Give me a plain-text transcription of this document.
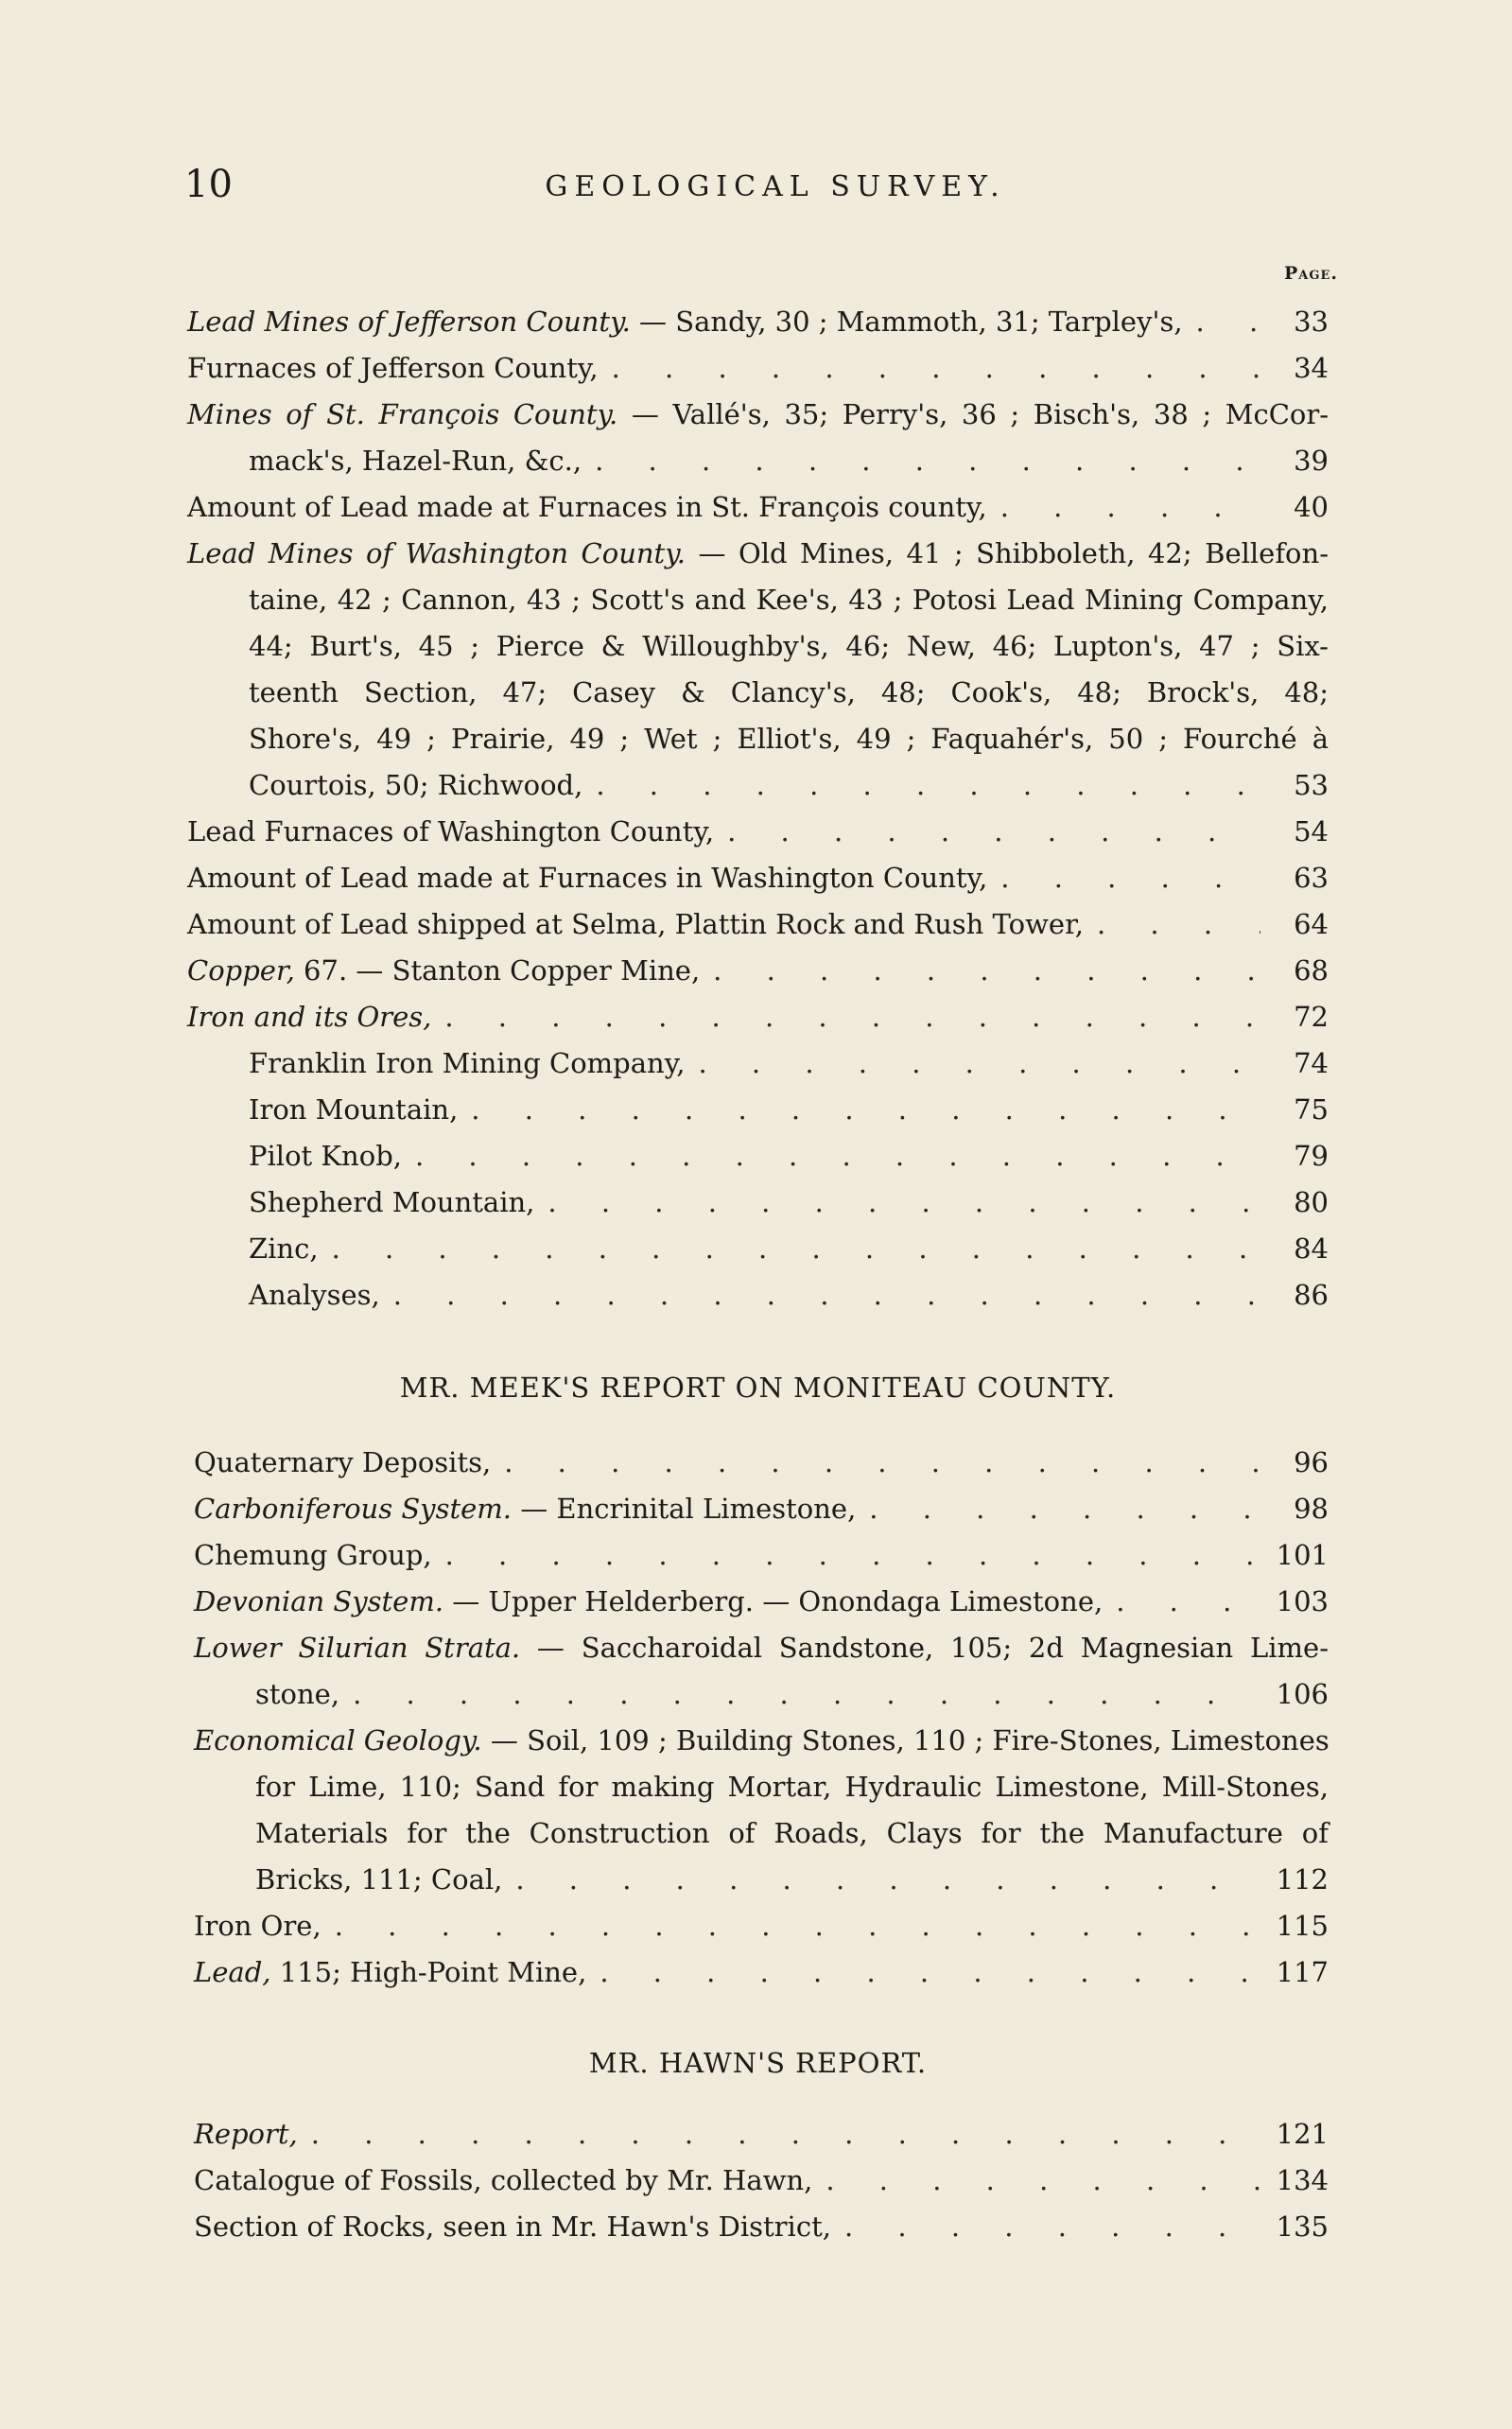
10	GEOLOGICAL SURVEY.
Page.
Lead Mines of Jefferson County. — Sandy, 30 ; Mammoth, 31; Tarpley's, . . .	33
Furnaces of Jefferson County, . . .	34
Mines of St. François County. — Vallé's, 35; Perry's, 36 ; Bisch's, 38 ; McCor-
mack's, Hazel-Run, &c., . . .	39
Amount of Lead made at Furnaces in St. François county, . . .	40
Lead Mines of Washington County. — Old Mines, 41 ; Shibboleth, 42; Bellefon-
taine, 42 ; Cannon, 43 ; Scott's and Kee's, 43 ; Potosi Lead Mining Company,
44; Burt's, 45 ; Pierce & Willoughby's, 46; New, 46; Lupton's, 47 ; Six-
teenth Section, 47; Casey & Clancy's, 48; Cook's, 48; Brock's, 48;
Shore's, 49 ; Prairie, 49 ; Wet ; Elliot's, 49 ; Faquahér's, 50 ; Fourché à
Courtois, 50; Richwood, . . .	53
Lead Furnaces of Washington County, . . .	54
Amount of Lead made at Furnaces in Washington County, . . .	63
Amount of Lead shipped at Selma, Plattin Rock and Rush Tower, . . .	64
Copper, 67. — Stanton Copper Mine, . . .	68
Iron and its Ores, . . .	72
Franklin Iron Mining Company, . . .	74
Iron Mountain, . . .	75
Pilot Knob, . . .	79
Shepherd Mountain, . . .	80
Zinc, . . .	84
Analyses, . . .	86
MR. MEEK'S REPORT ON MONITEAU COUNTY.
Quaternary Deposits, . . .	96
Carboniferous System. — Encrinital Limestone, . . .	98
Chemung Group, . . .	101
Devonian System. — Upper Helderberg. — Onondaga Limestone, . . .	103
Lower Silurian Strata. — Saccharoidal Sandstone, 105; 2d Magnesian Lime-
stone, . . .	106
Economical Geology. — Soil, 109 ; Building Stones, 110 ; Fire-Stones, Limestones
for Lime, 110; Sand for making Mortar, Hydraulic Limestone, Mill-Stones,
Materials for the Construction of Roads, Clays for the Manufacture of
Bricks, 111; Coal, . . .	112
Iron Ore, . . .	115
Lead, 115; High-Point Mine, . . .	117
MR. HAWN'S REPORT.
Report, . . .	121
Catalogue of Fossils, collected by Mr. Hawn, . . .	134
Section of Rocks, seen in Mr. Hawn's District, . . .	135
